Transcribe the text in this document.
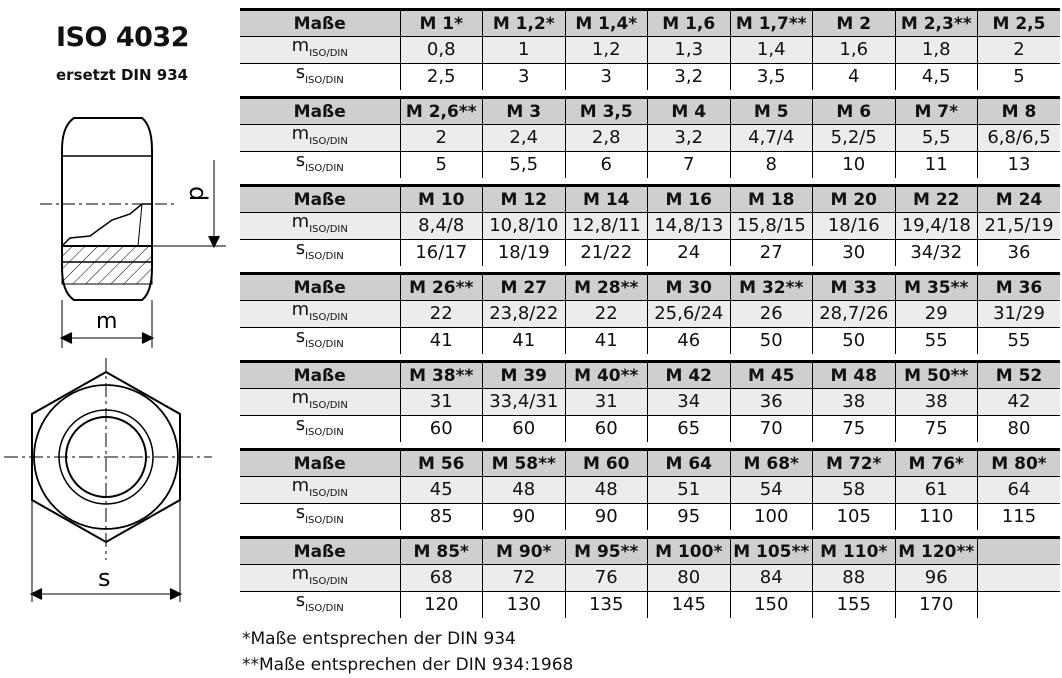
d
m
s
ISO 4032
ersetzt DIN 934
Maße	M 1*	M 1,2*	M 1,4*	M 1,6	M 1,7**	M 2	M 2,3**	M 2,5
$m_{ISO/DIN}$	0,8	1	1,2	1,3	1,4	1,6	1,8	2
$s_{ISO/DIN}$	2,5	3	3	3,2	3,5	4	4,5	5
Maße	M 2,6**	M 3	M 3,5	M 4	M 5	M 6	M 7*	M 8
$m_{ISO/DIN}$	2	2,4	2,8	3,2	4,7/4	5,2/5	5,5	6,8/6,5
$s_{ISO/DIN}$	5	5,5	6	7	8	10	11	13
Maße	M 10	M 12	M 14	M 16	M 18	M 20	M 22	M 24
$m_{ISO/DIN}$	8,4/8	10,8/10	12,8/11	14,8/13	15,8/15	18/16	19,4/18	21,5/19
$s_{ISO/DIN}$	16/17	18/19	21/22	24	27	30	34/32	36
Maße	M 26**	M 27	M 28**	M 30	M 32**	M 33	M 35**	M 36
$m_{ISO/DIN}$	22	23,8/22	22	25,6/24	26	28,7/26	29	31/29
$s_{ISO/DIN}$	41	41	41	46	50	50	55	55
Maße	M 38**	M 39	M 40**	M 42	M 45	M 48	M 50**	M 52
$m_{ISO/DIN}$	31	33,4/31	31	34	36	38	38	42
$s_{ISO/DIN}$	60	60	60	65	70	75	75	80
Maße	M 56	M 58**	M 60	M 64	M 68*	M 72*	M 76*	M 80*
$m_{ISO/DIN}$	45	48	48	51	54	58	61	64
$s_{ISO/DIN}$	85	90	90	95	100	105	110	115
Maße	M 85*	M 90*	M 95**	M 100*	M 105**	M 110*	M 120**	
$m_{ISO/DIN}$	68	72	76	80	84	88	96	
$s_{ISO/DIN}$	120	130	135	145	150	155	170	
*Maße entsprechen der DIN 934
**Maße entsprechen der DIN 934:1968
